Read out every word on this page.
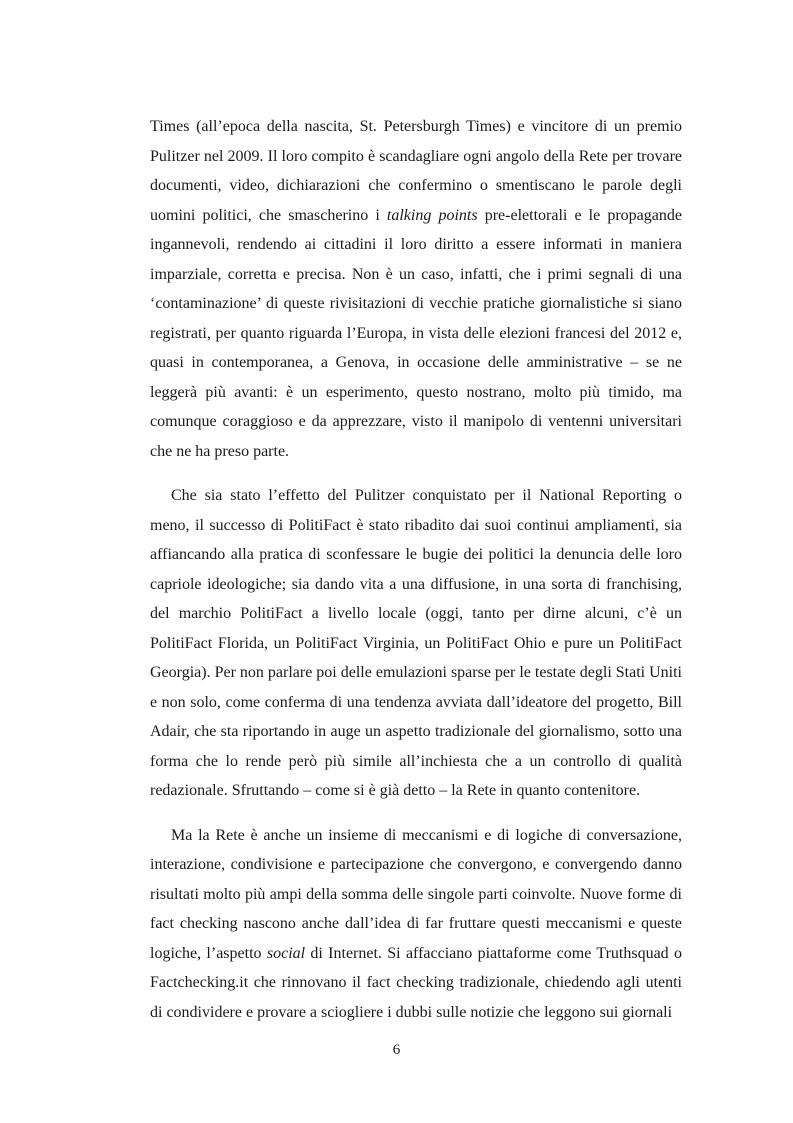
Times (all’epoca della nascita, St. Petersburgh Times) e vincitore di un premio Pulitzer nel 2009. Il loro compito è scandagliare ogni angolo della Rete per trovare documenti, video, dichiarazioni che confermino o smentiscano le parole degli uomini politici, che smascherino i talking points pre-elettorali e le propagande ingannevoli, rendendo ai cittadini il loro diritto a essere informati in maniera imparziale, corretta e precisa. Non è un caso, infatti, che i primi segnali di una ‘contaminazione’ di queste rivisitazioni di vecchie pratiche giornalistiche si siano registrati, per quanto riguarda l’Europa, in vista delle elezioni francesi del 2012 e, quasi in contemporanea, a Genova, in occasione delle amministrative – se ne leggerà più avanti: è un esperimento, questo nostrano, molto più timido, ma comunque coraggioso e da apprezzare, visto il manipolo di ventenni universitari che ne ha preso parte.

Che sia stato l’effetto del Pulitzer conquistato per il National Reporting o meno, il successo di PolitiFact è stato ribadito dai suoi continui ampliamenti, sia affiancando alla pratica di sconfessare le bugie dei politici la denuncia delle loro capriole ideologiche; sia dando vita a una diffusione, in una sorta di franchising, del marchio PolitiFact a livello locale (oggi, tanto per dirne alcuni, c’è un PolitiFact Florida, un PolitiFact Virginia, un PolitiFact Ohio e pure un PolitiFact Georgia). Per non parlare poi delle emulazioni sparse per le testate degli Stati Uniti e non solo, come conferma di una tendenza avviata dall’ideatore del progetto, Bill Adair, che sta riportando in auge un aspetto tradizionale del giornalismo, sotto una forma che lo rende però più simile all’inchiesta che a un controllo di qualità redazionale. Sfruttando – come si è già detto – la Rete in quanto contenitore.

Ma la Rete è anche un insieme di meccanismi e di logiche di conversazione, interazione, condivisione e partecipazione che convergono, e convergendo danno risultati molto più ampi della somma delle singole parti coinvolte. Nuove forme di fact checking nascono anche dall’idea di far fruttare questi meccanismi e queste logiche, l’aspetto social di Internet. Si affacciano piattaforme come Truthsquad o Factchecking.it che rinnovano il fact checking tradizionale, chiedendo agli utenti di condividere e provare a sciogliere i dubbi sulle notizie che leggono sui giornali

6
